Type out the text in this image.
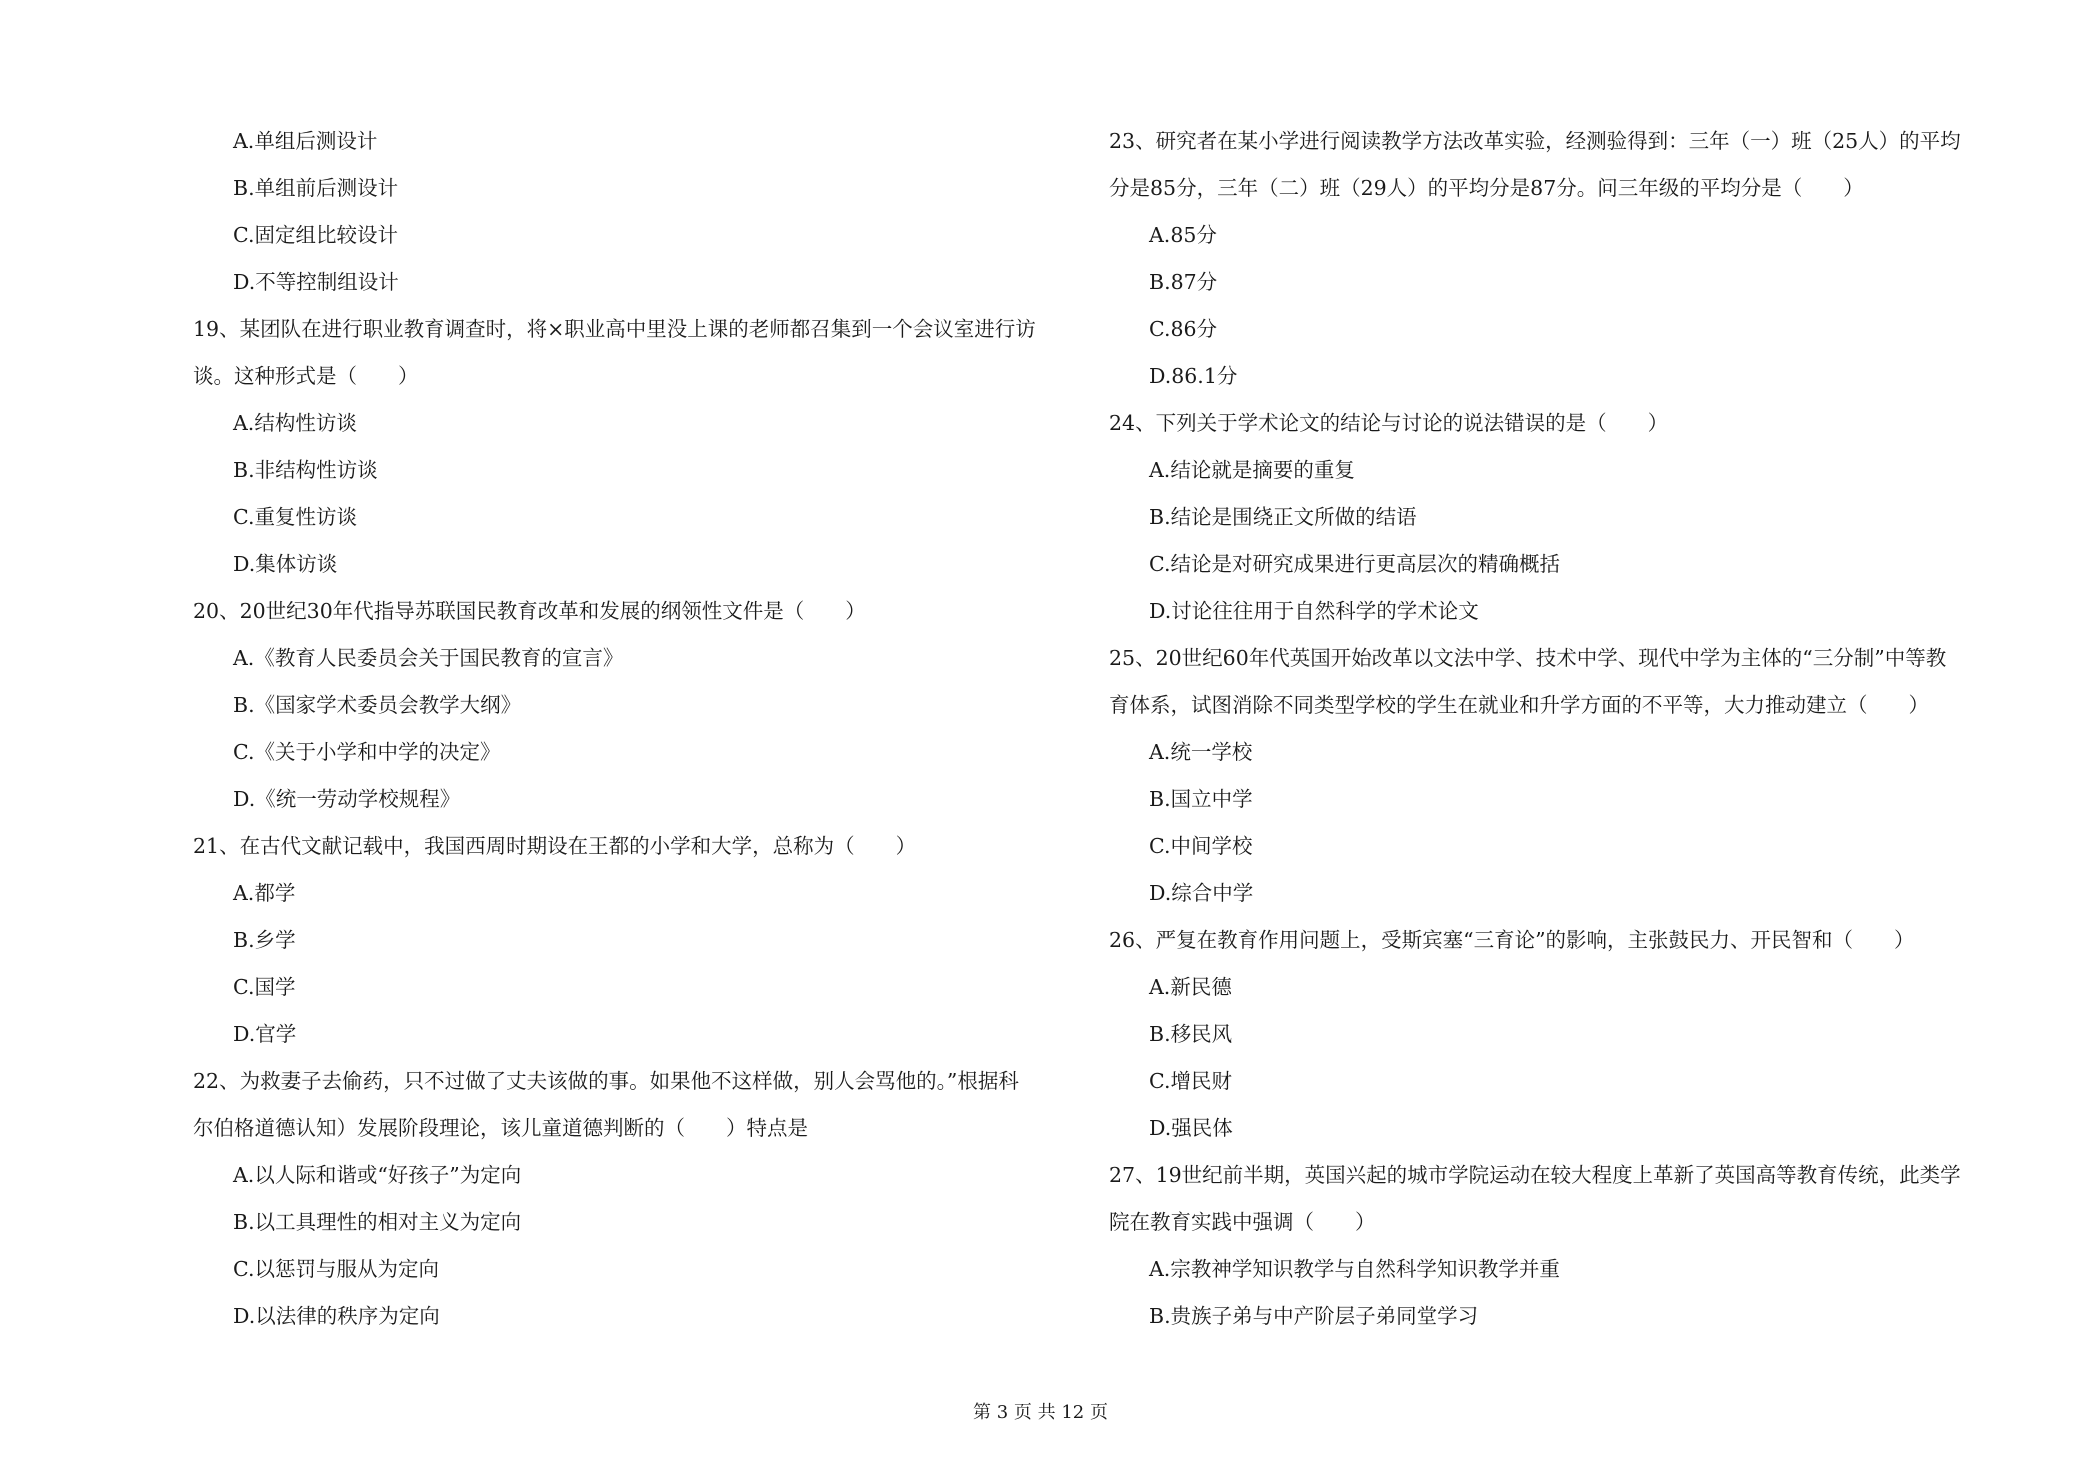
A.单组后测设计
B.单组前后测设计
C.固定组比较设计
D.不等控制组设计
19、某团队在进行职业教育调查时，将×职业高中里没上课的老师都召集到一个会议室进行访
谈。这种形式是（　　）
A.结构性访谈
B.非结构性访谈
C.重复性访谈
D.集体访谈
20、20世纪30年代指导苏联国民教育改革和发展的纲领性文件是（　　）
A.《教育人民委员会关于国民教育的宣言》
B.《国家学术委员会教学大纲》
C.《关于小学和中学的决定》
D.《统一劳动学校规程》
21、在古代文献记载中，我国西周时期设在王都的小学和大学，总称为（　　）
A.都学
B.乡学
C.国学
D.官学
22、为救妻子去偷药，只不过做了丈夫该做的事。如果他不这样做，别人会骂他的。”根据科
尔伯格道德认知）发展阶段理论，该儿童道德判断的（　　）特点是
A.以人际和谐或“好孩子”为定向
B.以工具理性的相对主义为定向
C.以惩罚与服从为定向
D.以法律的秩序为定向
23、研究者在某小学进行阅读教学方法改革实验，经测验得到：三年（一）班（25人）的平均
分是85分，三年（二）班（29人）的平均分是87分。问三年级的平均分是（　　）
A.85分
B.87分
C.86分
D.86.1分
24、下列关于学术论文的结论与讨论的说法错误的是（　　）
A.结论就是摘要的重复
B.结论是围绕正文所做的结语
C.结论是对研究成果进行更高层次的精确概括
D.讨论往往用于自然科学的学术论文
25、20世纪60年代英国开始改革以文法中学、技术中学、现代中学为主体的“三分制”中等教
育体系，试图消除不同类型学校的学生在就业和升学方面的不平等，大力推动建立（　　）
A.统一学校
B.国立中学
C.中间学校
D.综合中学
26、严复在教育作用问题上，受斯宾塞“三育论”的影响，主张鼓民力、开民智和（　　）
A.新民德
B.移民风
C.增民财
D.强民体
27、19世纪前半期，英国兴起的城市学院运动在较大程度上革新了英国高等教育传统，此类学
院在教育实践中强调（　　）
A.宗教神学知识教学与自然科学知识教学并重
B.贵族子弟与中产阶层子弟同堂学习
第 3 页 共 12 页
